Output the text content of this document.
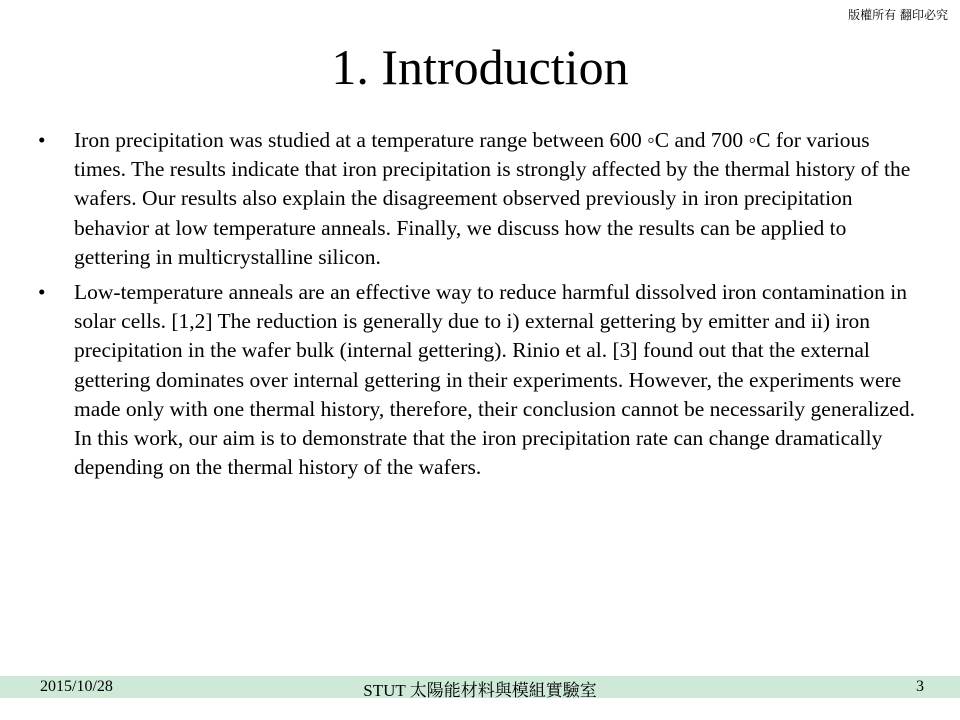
版權所有 翻印必究
1. Introduction
• Iron precipitation was studied at a temperature range between 600 ◦C and 700 ◦C for various times. The results indicate that iron precipitation is strongly affected by the thermal history of the wafers. Our results also explain the disagreement observed previously in iron precipitation behavior at low temperature anneals. Finally, we discuss how the results can be applied to gettering in multicrystalline silicon.
• Low-temperature anneals are an effective way to reduce harmful dissolved iron contamination in solar cells. [1,2] The reduction is generally due to i) external gettering by emitter and ii) iron precipitation in the wafer bulk (internal gettering). Rinio et al. [3] found out that the external gettering dominates over internal gettering in their experiments. However, the experiments were made only with one thermal history, therefore, their conclusion cannot be necessarily generalized. In this work, our aim is to demonstrate that the iron precipitation rate can change dramatically depending on the thermal history of the wafers.
2015/10/28	STUT 太陽能材料與模組實驗室	3
